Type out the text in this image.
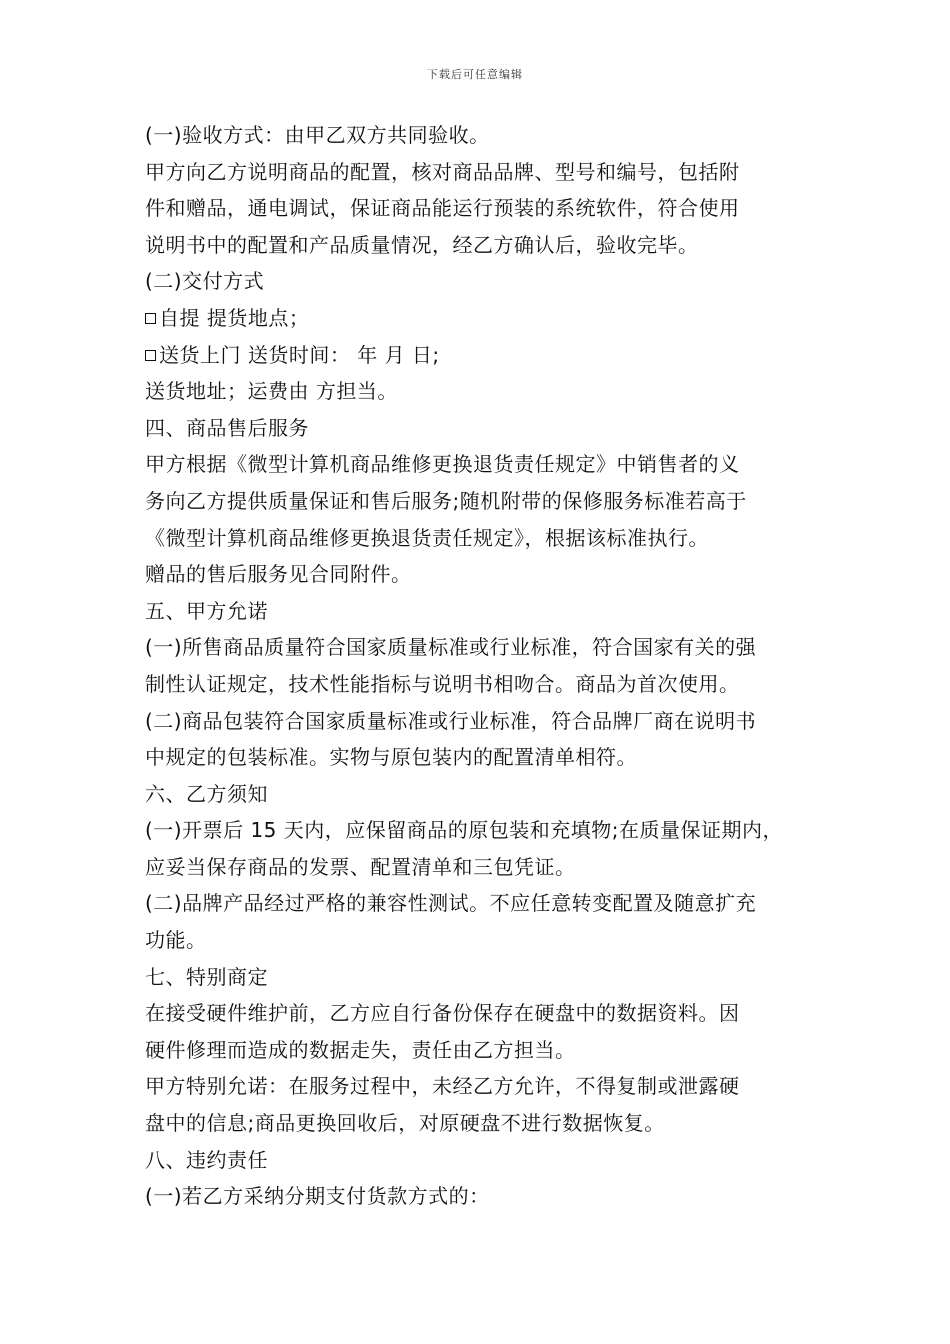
下载后可任意编辑
(一)验收方式：由甲乙双方共同验收。
甲方向乙方说明商品的配置，核对商品品牌、型号和编号，包括附
件和赠品，通电调试，保证商品能运行预装的系统软件，符合使用
说明书中的配置和产品质量情况，经乙方确认后，验收完毕。
(二)交付方式
自提 提货地点；
送货上门 送货时间： 年 月 日;
送货地址；运费由 方担当。
四、商品售后服务
甲方根据《微型计算机商品维修更换退货责任规定》中销售者的义
务向乙方提供质量保证和售后服务;随机附带的保修服务标准若高于
《微型计算机商品维修更换退货责任规定》，根据该标准执行。
赠品的售后服务见合同附件。
五、甲方允诺
(一)所售商品质量符合国家质量标准或行业标准，符合国家有关的强
制性认证规定，技术性能指标与说明书相吻合。商品为首次使用。
(二)商品包装符合国家质量标准或行业标准，符合品牌厂商在说明书
中规定的包装标准。实物与原包装内的配置清单相符。
六、乙方须知
(一)开票后 15 天内，应保留商品的原包装和充填物;在质量保证期内，
应妥当保存商品的发票、配置清单和三包凭证。
(二)品牌产品经过严格的兼容性测试。不应任意转变配置及随意扩充
功能。
七、特别商定
在接受硬件维护前，乙方应自行备份保存在硬盘中的数据资料。因
硬件修理而造成的数据走失，责任由乙方担当。
甲方特别允诺：在服务过程中，未经乙方允许，不得复制或泄露硬
盘中的信息;商品更换回收后，对原硬盘不进行数据恢复。
八、违约责任
(一)若乙方采纳分期支付货款方式的：
